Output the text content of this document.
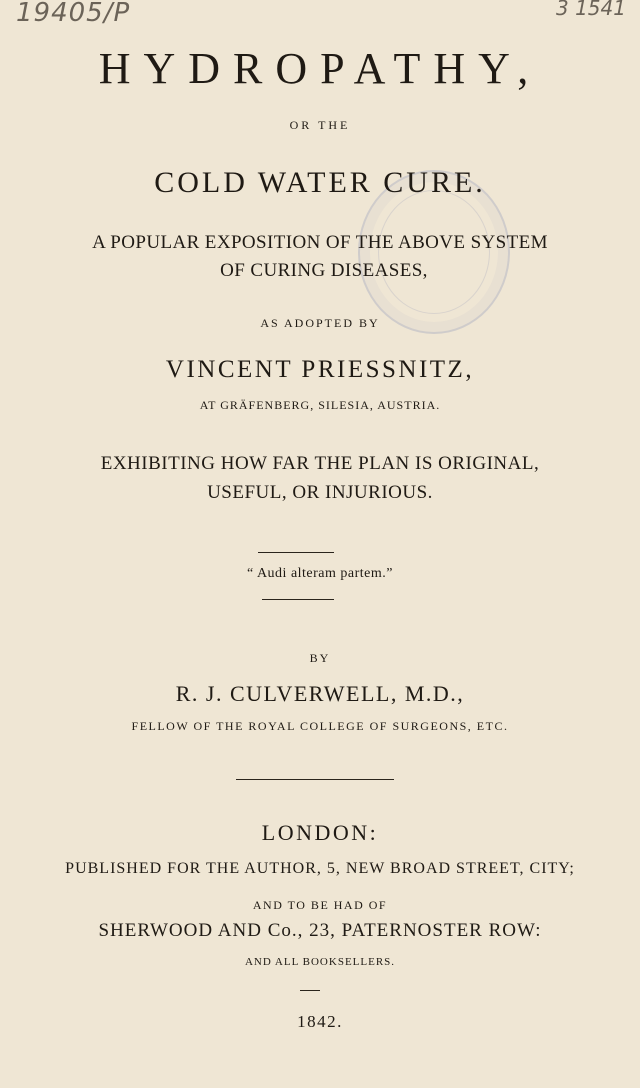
19405/P	3 1541

HYDROPATHY,

OR THE

COLD WATER CURE.

A POPULAR EXPOSITION OF THE ABOVE SYSTEM

OF CURING DISEASES,

AS ADOPTED BY

VINCENT PRIESSNITZ,

AT GRÄFENBERG, SILESIA, AUSTRIA.

EXHIBITING HOW FAR THE PLAN IS ORIGINAL,

USEFUL, OR INJURIOUS.

“ Audi alteram partem.”

BY

R. J. CULVERWELL, M.D.,

FELLOW OF THE ROYAL COLLEGE OF SURGEONS, ETC.

LONDON:

PUBLISHED FOR THE AUTHOR, 5, NEW BROAD STREET, CITY;

AND TO BE HAD OF

SHERWOOD AND Co., 23, PATERNOSTER ROW:

AND ALL BOOKSELLERS.

1842.
